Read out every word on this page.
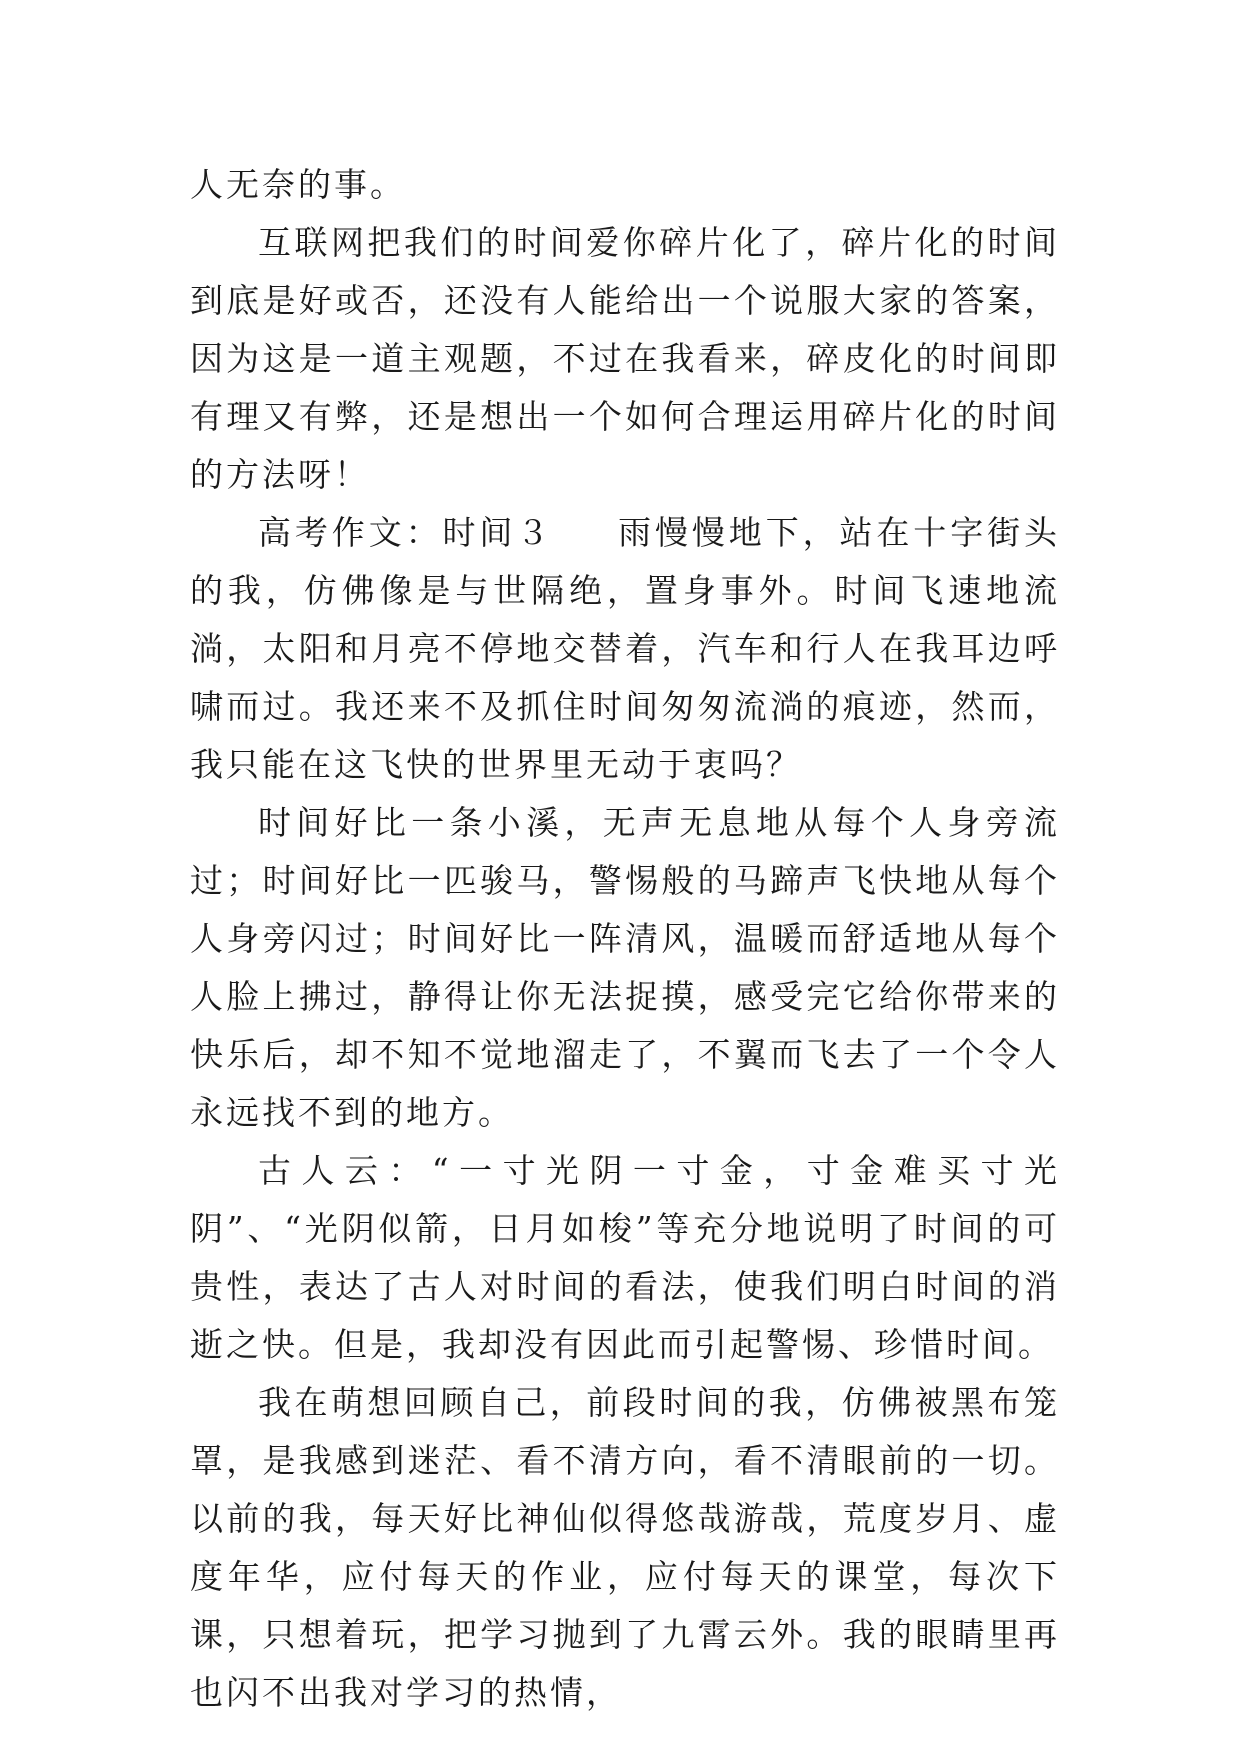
人无奈的事。

互联网把我们的时间爱你碎片化了，碎片化的时间到底是好或否，还没有人能给出一个说服大家的答案，因为这是一道主观题，不过在我看来，碎皮化的时间即有理又有弊，还是想出一个如何合理运用碎片化的时间的方法呀！

高考作文：时间３ 雨慢慢地下，站在十字街头的我，仿佛像是与世隔绝，置身事外。时间飞速地流淌，太阳和月亮不停地交替着，汽车和行人在我耳边呼啸而过。我还来不及抓住时间匆匆流淌的痕迹，然而，我只能在这飞快的世界里无动于衷吗？

时间好比一条小溪，无声无息地从每个人身旁流过；时间好比一匹骏马，警惕般的马蹄声飞快地从每个人身旁闪过；时间好比一阵清风，温暖而舒适地从每个人脸上拂过，静得让你无法捉摸，感受完它给你带来的快乐后，却不知不觉地溜走了，不翼而飞去了一个令人永远找不到的地方。

古人云：“一寸光阴一寸金，寸金难买寸光阴”、“光阴似箭，日月如梭”等充分地说明了时间的可贵性，表达了古人对时间的看法，使我们明白时间的消逝之快。但是，我却没有因此而引起警惕、珍惜时间。

我在萌想回顾自己，前段时间的我，仿佛被黑布笼罩，是我感到迷茫、看不清方向，看不清眼前的一切。以前的我，每天好比神仙似得悠哉游哉，荒度岁月、虚度年华，应付每天的作业，应付每天的课堂，每次下课，只想着玩，把学习抛到了九霄云外。我的眼睛里再也闪不出我对学习的热情，
